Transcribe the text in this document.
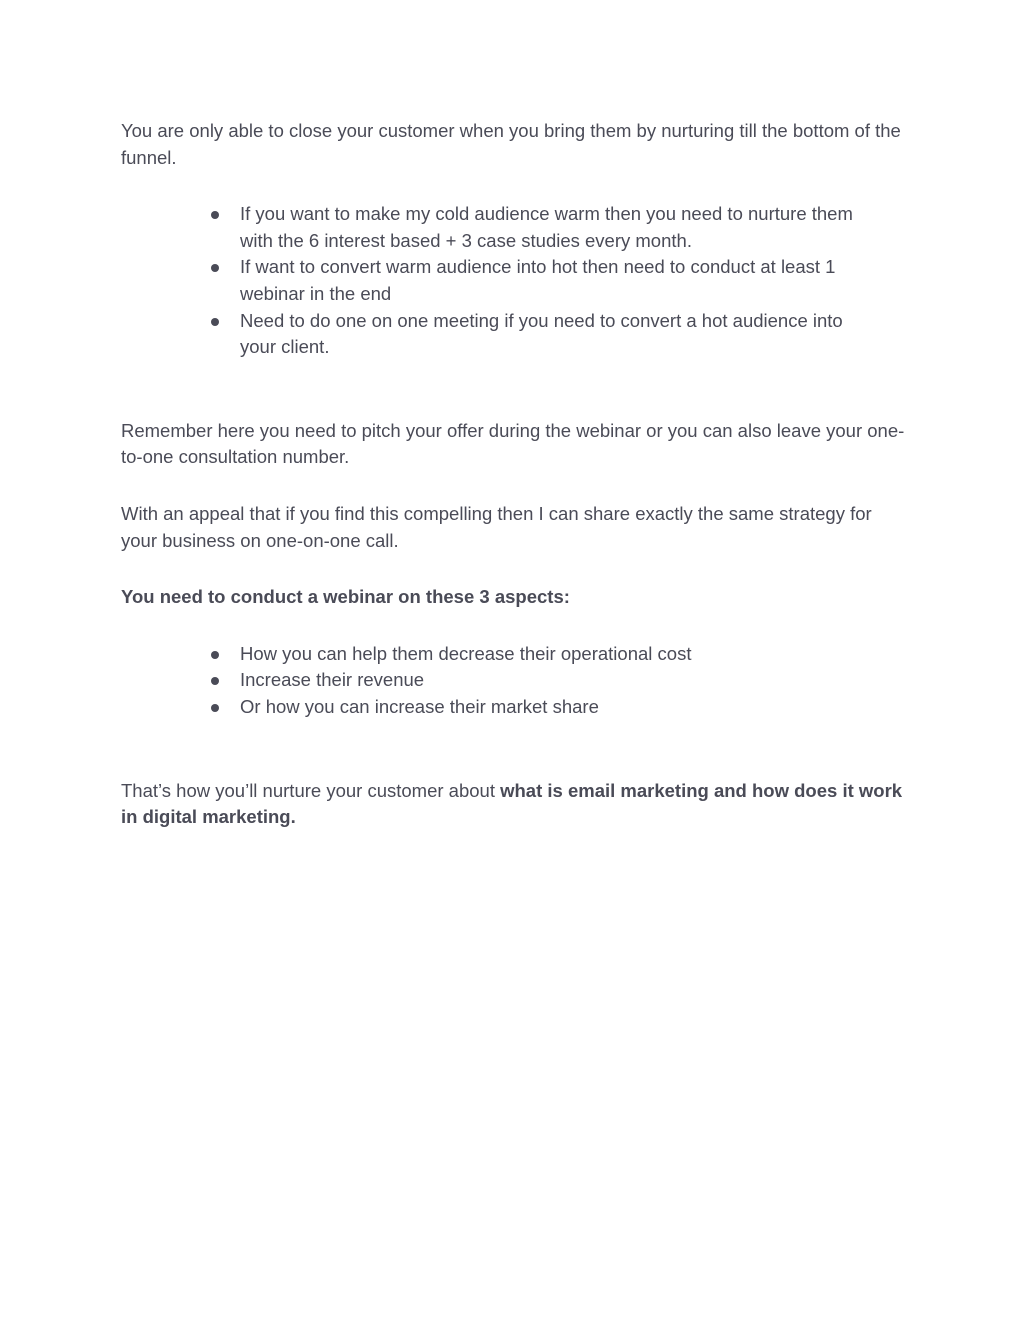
You are only able to close your customer when you bring them by nurturing till the bottom of the funnel.

If you want to make my cold audience warm then you need to nurture them with the 6 interest based + 3 case studies every month.
If want to convert warm audience into hot then need to conduct at least 1 webinar in the end
Need to do one on one meeting if you need to convert a hot audience into your client.

Remember here you need to pitch your offer during the webinar or you can also leave your one-to-one consultation number.

With an appeal that if you find this compelling then I can share exactly the same strategy for your business on one-on-one call.

You need to conduct a webinar on these 3 aspects:

How you can help them decrease their operational cost
Increase their revenue
Or how you can increase their market share

That’s how you’ll nurture your customer about what is email marketing and how does it work in digital marketing.
